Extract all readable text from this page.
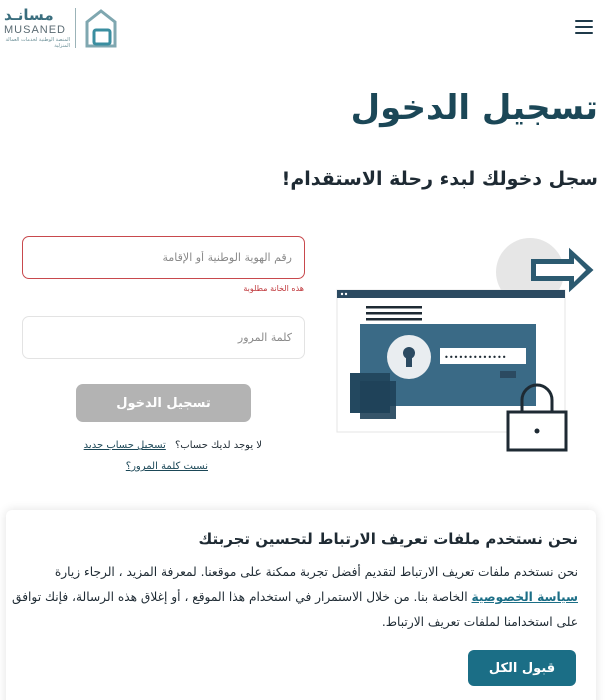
مسانـد
MUSANED
المنصة الوطنية لخدمات العمالة المنزلية
تسجيل الدخول
سجل دخولك لبدء رحلة الاستقدام!
رقم الهوية الوطنية أو الإقامة
هذه الخانة مطلوبة
تسجيل الدخول
لا يوجد لديك حساب؟ تسجيل حساب جديد
نسيت كلمة المرور؟
•••••••••••••
نحن نستخدم ملفات تعريف الارتباط لتحسين تجربتك

نحن نستخدم ملفات تعريف الارتباط لتقديم أفضل تجربة ممكنة على موقعنا. لمعرفة المزيد ، الرجاء زيارة سياسة الخصوصية الخاصة بنا. من خلال الاستمرار في استخدام هذا الموقع ، أو إغلاق هذه الرسالة، فإنك توافق على استخدامنا لملفات تعريف الارتباط.

قبول الكل
